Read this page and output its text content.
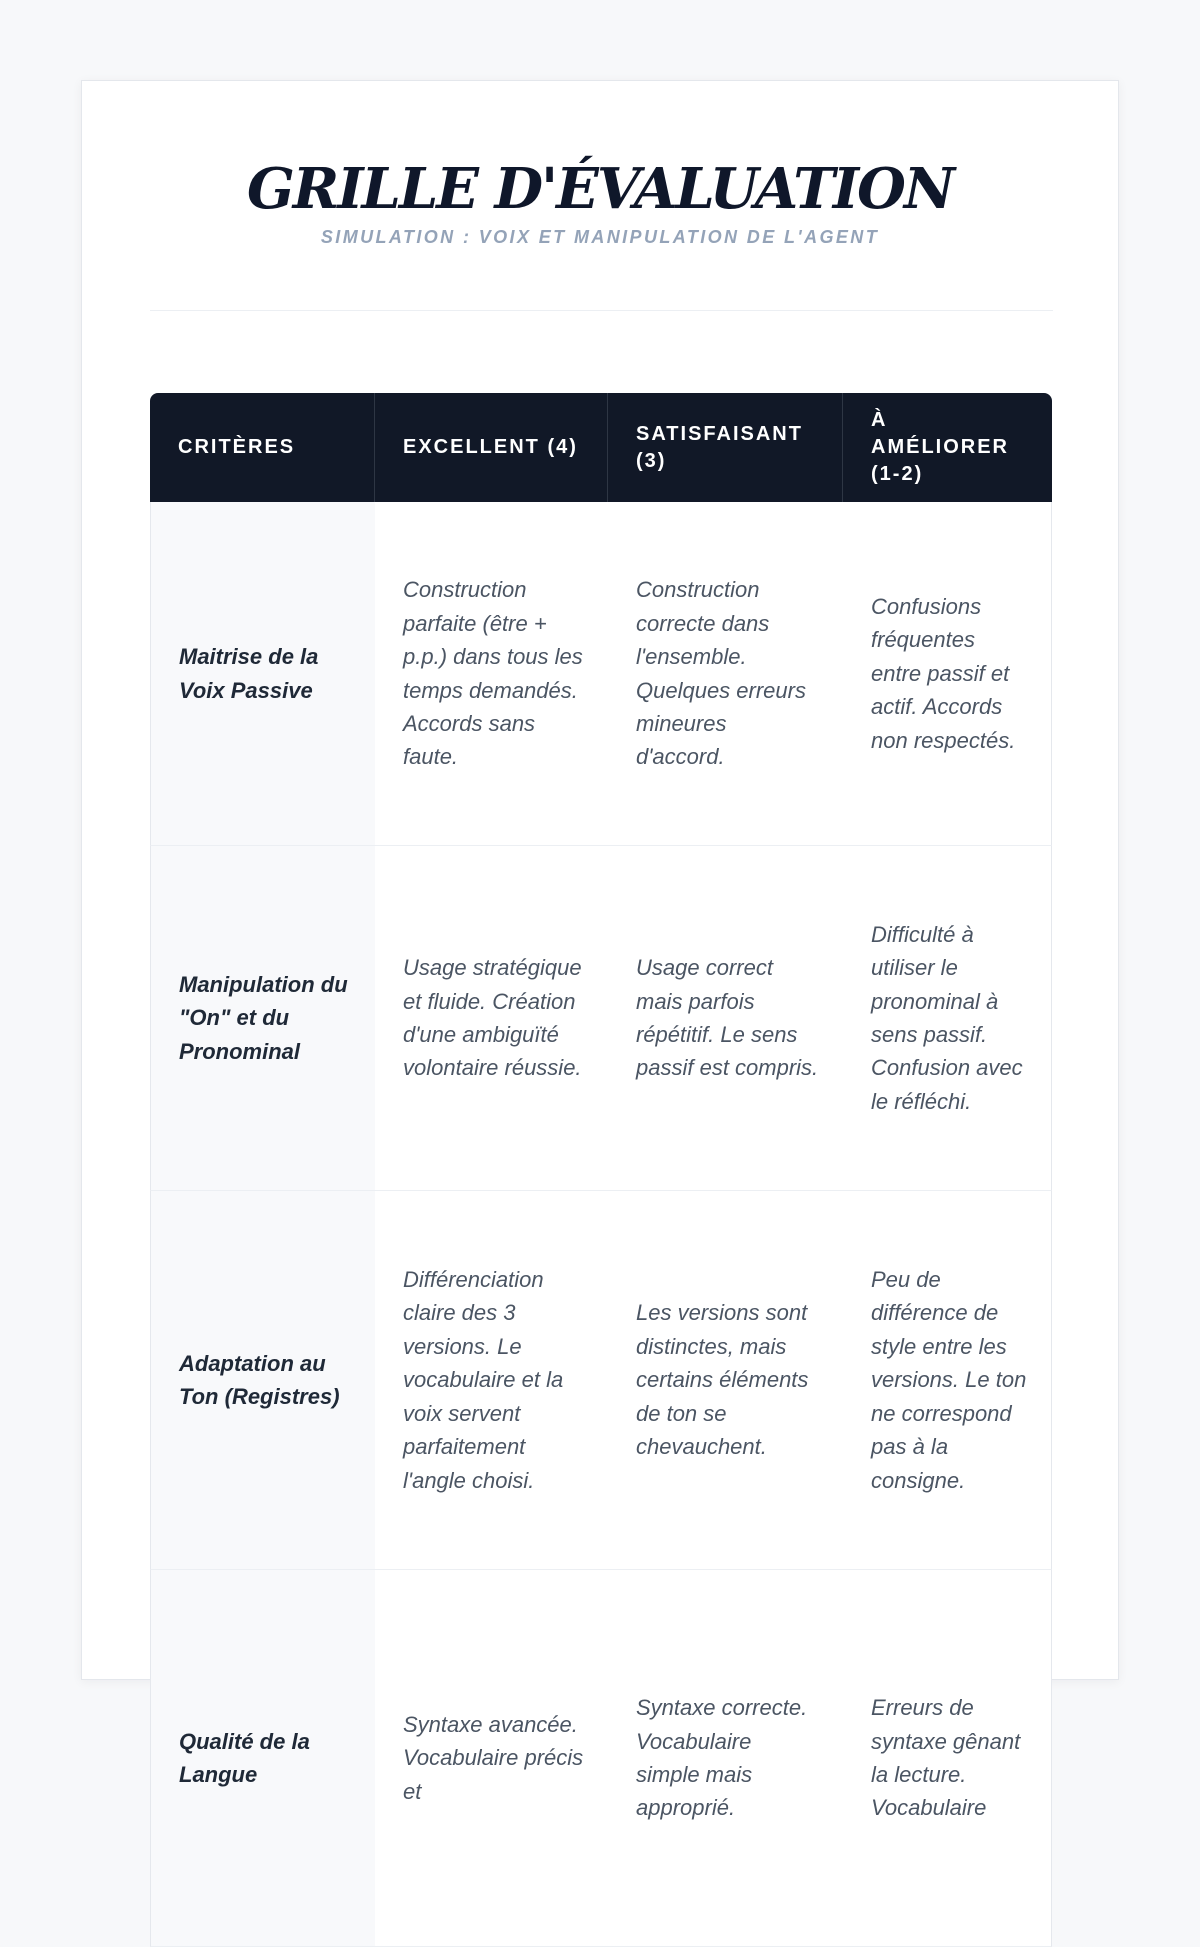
GRILLE D'ÉVALUATION
SIMULATION : VOIX ET MANIPULATION DE L'AGENT
CRITÈRES	EXCELLENT (4)	SATISFAISANT (3)	À AMÉLIORER (1-2)
Maitrise de la Voix Passive	Construction parfaite (être + p.p.) dans tous les temps demandés. Accords sans faute.	Construction correcte dans l'ensemble. Quelques erreurs mineures d'accord.	Confusions fréquentes entre passif et actif. Accords non respectés.
Manipulation du "On" et du Pronominal	Usage stratégique et fluide. Création d'une ambiguïté volontaire réussie.	Usage correct mais parfois répétitif. Le sens passif est compris.	Difficulté à utiliser le pronominal à sens passif. Confusion avec le réfléchi.
Adaptation au Ton (Registres)	Différenciation claire des 3 versions. Le vocabulaire et la voix servent parfaitement l'angle choisi.	Les versions sont distinctes, mais certains éléments de ton se chevauchent.	Peu de différence de style entre les versions. Le ton ne correspond pas à la consigne.
Qualité de la Langue	Syntaxe avancée. Vocabulaire précis et	Syntaxe correcte. Vocabulaire simple mais approprié.	Erreurs de syntaxe gênant la lecture. Vocabulaire
